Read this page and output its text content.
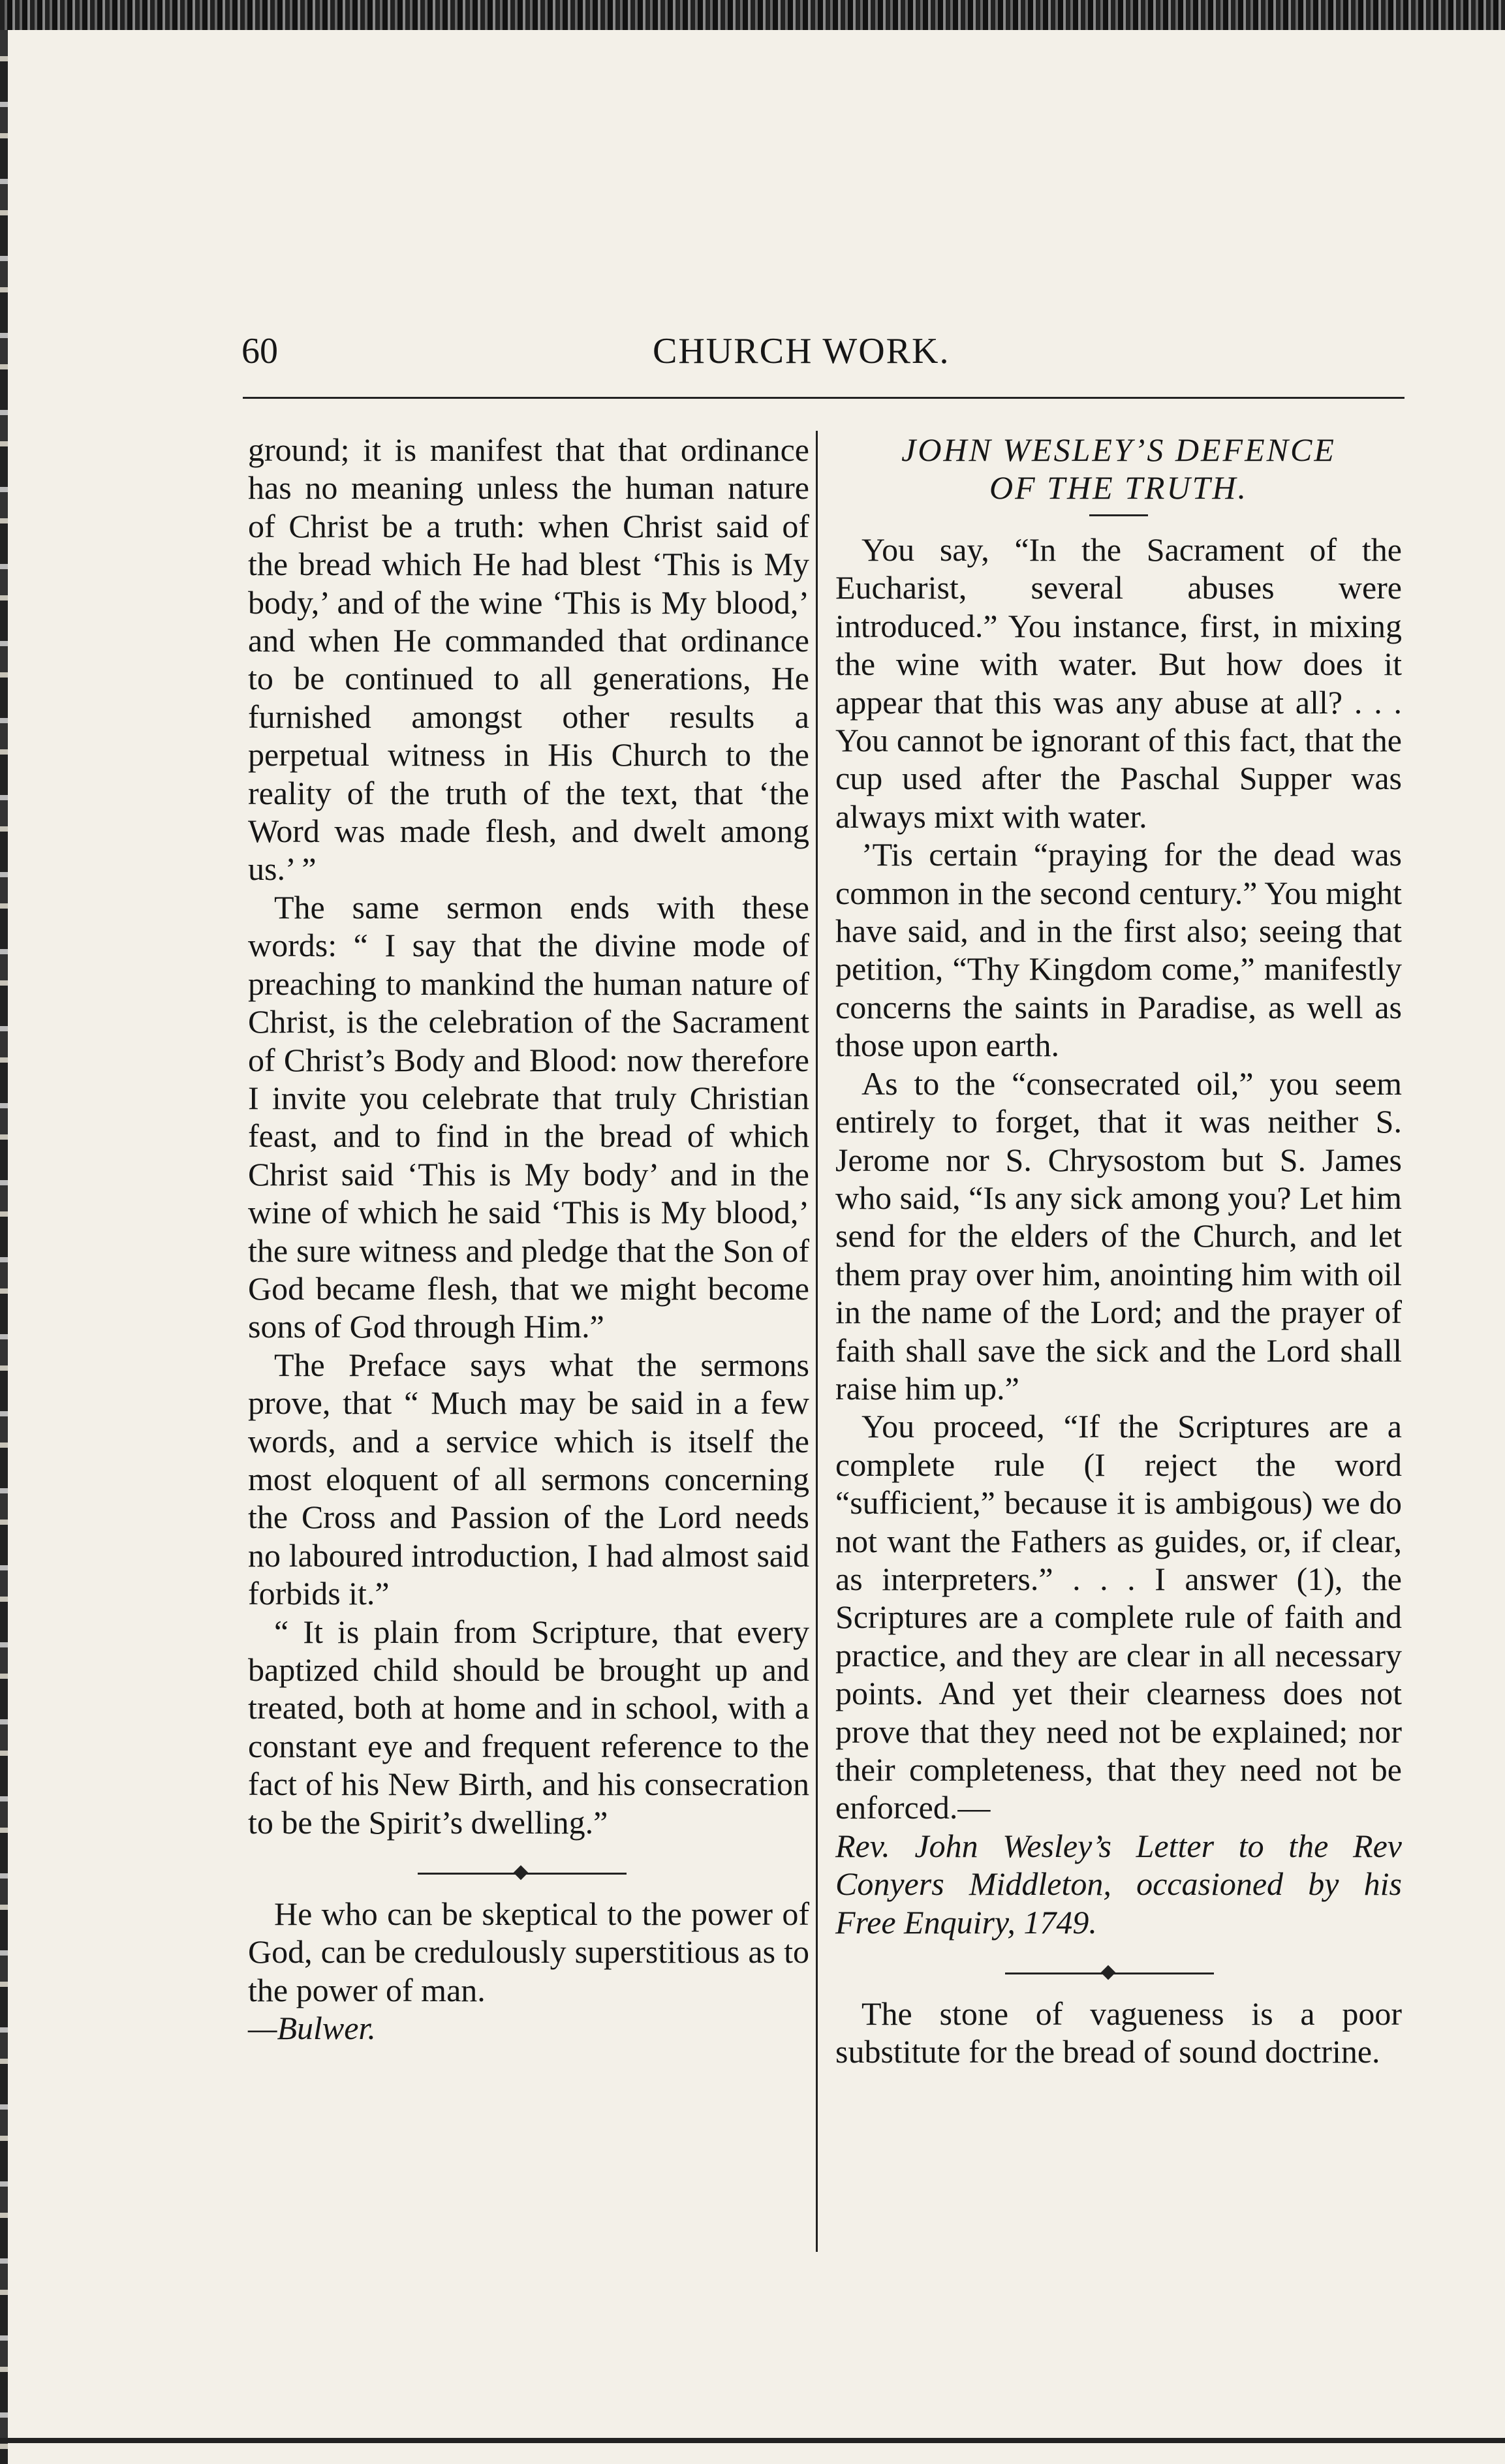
60	CHURCH WORK.

ground; it is manifest that that ordinance has no meaning unless the human nature of Christ be a truth: when Christ said of the bread which He had blest ‘This is My body,’ and of the wine ‘This is My blood,’ and when He commanded that ordinance to be continued to all generations, He furnished amongst other results a perpetual witness in His Church to the reality of the truth of the text, that ‘the Word was made flesh, and dwelt among us.’ ”

The same sermon ends with these words: “ I say that the divine mode of preaching to mankind the human nature of Christ, is the celebration of the Sacrament of Christ’s Body and Blood: now therefore I invite you celebrate that truly Christian feast, and to find in the bread of which Christ said ‘This is My body’ and in the wine of which he said ‘This is My blood,’ the sure witness and pledge that the Son of God became flesh, that we might become sons of God through Him.”

The Preface says what the sermons prove, that “ Much may be said in a few words, and a service which is itself the most eloquent of all sermons concerning the Cross and Passion of the Lord needs no laboured introduction, I had almost said forbids it.”

“ It is plain from Scripture, that every baptized child should be brought up and treated, both at home and in school, with a constant eye and frequent reference to the fact of his New Birth, and his consecration to be the Spirit’s dwelling.”

He who can be skeptical to the power of God, can be credulously superstitious as to the power of man.

—Bulwer.

JOHN WESLEY’S DEFENCE
OF THE TRUTH.

You say, “In the Sacrament of the Eucharist, several abuses were introduced.” You instance, first, in mixing the wine with water. But how does it appear that this was any abuse at all? . . . You cannot be ignorant of this fact, that the cup used after the Paschal Supper was always mixt with water.

’Tis certain “praying for the dead was common in the second century.” You might have said, and in the first also; seeing that petition, “Thy Kingdom come,” manifestly concerns the saints in Paradise, as well as those upon earth.

As to the “consecrated oil,” you seem entirely to forget, that it was neither S. Jerome nor S. Chrysostom but S. James who said, “Is any sick among you? Let him send for the elders of the Church, and let them pray over him, anointing him with oil in the name of the Lord; and the prayer of faith shall save the sick and the Lord shall raise him up.”

You proceed, “If the Scriptures are a complete rule (I reject the word “sufficient,” because it is ambigous) we do not want the Fathers as guides, or, if clear, as interpreters.” . . . I answer (1), the Scriptures are a complete rule of faith and practice, and they are clear in all necessary points. And yet their clearness does not prove that they need not be explained; nor their completeness, that they need not be enforced.—

Rev. John Wesley’s Letter to the Rev Conyers Middleton, occasioned by his Free Enquiry, 1749.

The stone of vagueness is a poor substitute for the bread of sound doctrine.
